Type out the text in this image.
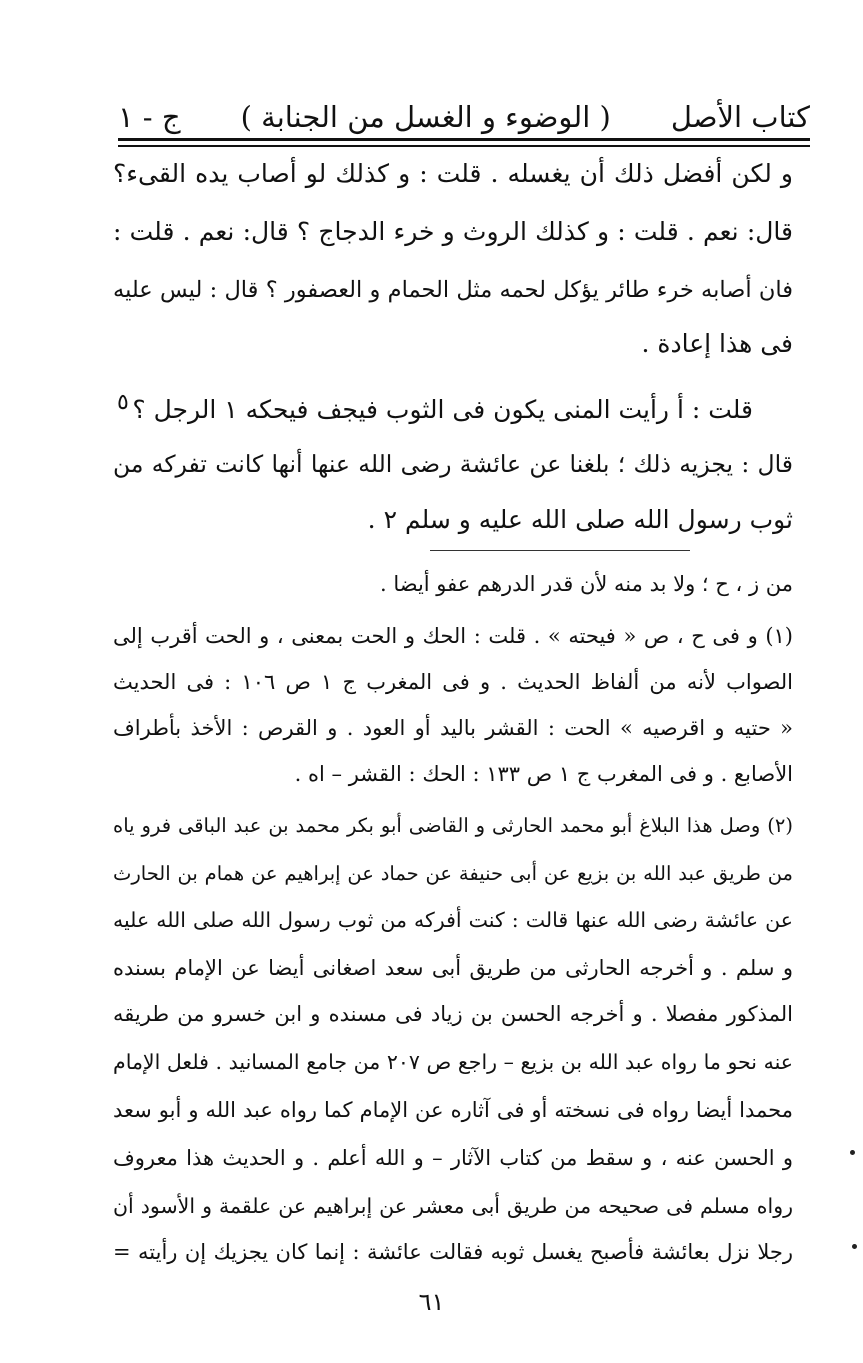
كتاب الأصل
( الوضوء و الغسل من الجنابة )
ج - ١
و لكن أفضل ذلك أن يغسله . قلت : و كذلك لو أصاب يده القىء؟
قال: نعم . قلت : و كذلك الروث و خرء الدجاج ؟ قال: نعم . قلت :
فان أصابه خرء طائر يؤكل لحمه مثل الحمام و العصفور ؟ قال : ليس عليه
فى هذا إعادة .
٥ قلت : أ رأيت المنى يكون فى الثوب فيجف فيحكه ١ الرجل ؟
قال : يجزيه ذلك ؛ بلغنا عن عائشة رضى الله عنها أنها كانت تفركه من
ثوب رسول الله صلى الله عليه و سلم ٢ .
من ز ، ح ؛ ولا بد منه لأن قدر الدرهم عفو أيضا .
(١) و فى ح ، ص « فيحته » . قلت : الحك و الحت بمعنى ، و الحت أقرب إلى
الصواب لأنه من ألفاظ الحديث . و فى المغرب ج ١ ص ١٠٦ : فى الحديث
« حتيه و اقرصيه » الحت : القشر باليد أو العود . و القرص : الأخذ بأطراف
الأصابع . و فى المغرب ج ١ ص ١٣٣ : الحك : القشر – اه .
(٢) وصل هذا البلاغ أبو محمد الحارثى و القاضى أبو بكر محمد بن عبد الباقى فرو ياه
من طريق عبد الله بن بزيع عن أبى حنيفة عن حماد عن إبراهيم عن همام بن الحارث
عن عائشة رضى الله عنها قالت : كنت أفركه من ثوب رسول الله صلى الله عليه
و سلم . و أخرجه الحارثى من طريق أبى سعد اصغانى أيضا عن الإمام بسنده
المذكور مفصلا . و أخرجه الحسن بن زياد فى مسنده و ابن خسرو من طريقه
عنه نحو ما رواه عبد الله بن بزيع – راجع ص ٢٠٧ من جامع المسانيد . فلعل الإمام
محمدا أيضا رواه فى نسخته أو فى آثاره عن الإمام كما رواه عبد الله و أبو سعد
و الحسن عنه ، و سقط من كتاب الآثار – و الله أعلم . و الحديث هذا معروف
رواه مسلم فى صحيحه من طريق أبى معشر عن إبراهيم عن علقمة و الأسود أن
رجلا نزل بعائشة فأصبح يغسل ثوبه فقالت عائشة : إنما كان يجزيك إن رأيته =
٦١
